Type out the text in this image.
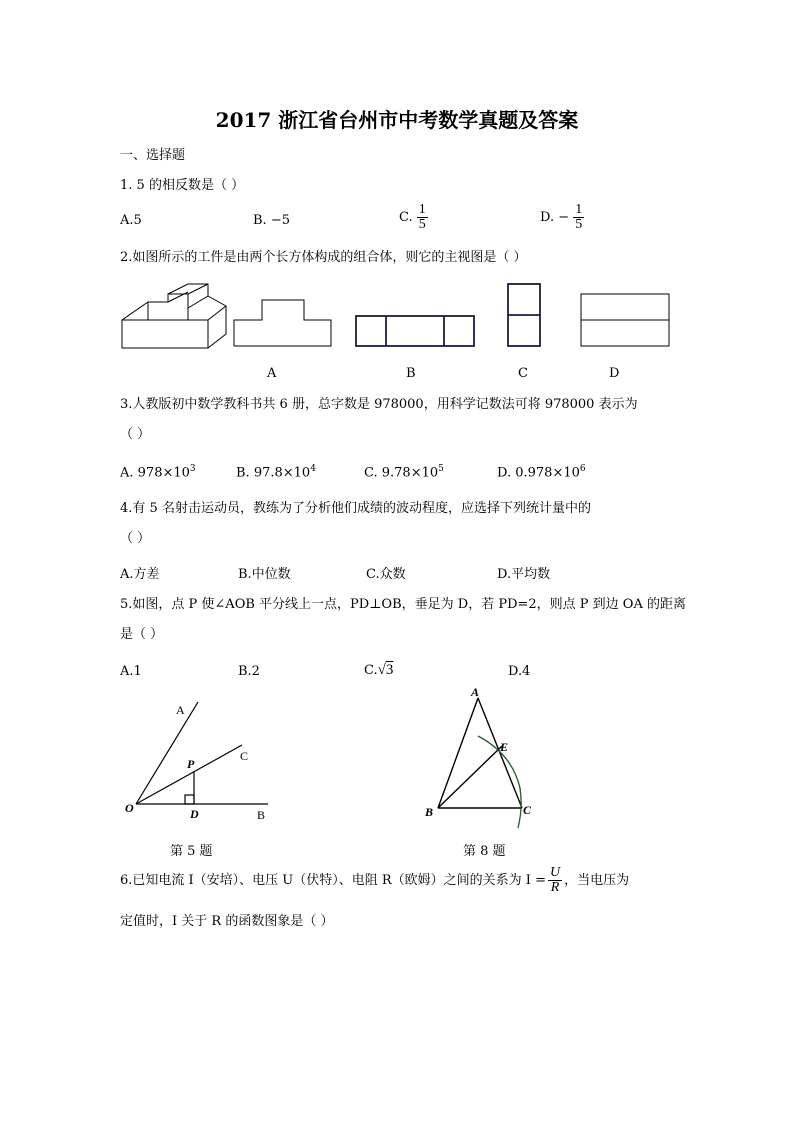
2017 浙江省台州市中考数学真题及答案
一、选择题
1. 5 的相反数是（ ）
A.5	B. −5	C. $\frac{1}{5}$	D. − $\frac{1}{5}$
2.如图所示的工件是由两个长方体构成的组合体，则它的主视图是（ ）
A	B	C	D
3.人教版初中数学教科书共 6 册，总字数是 978000，用科学记数法可将 978000 表示为
（ ）
A. $978\times 10^3$	B. $97.8\times 10^4$	C. $9.78\times 10^5$	D. $0.978\times 10^6$
4.有 5 名射击运动员，教练为了分析他们成绩的波动程度，应选择下列统计量中的
（ ）
A.方差	B.中位数	C.众数	D.平均数
5.如图，点 P 使∠AOB 平分线上一点，PD⊥OB，垂足为 D，若 PD=2，则点 P 到边 OA 的距离
是（ ）
A.1	B.2	C.√3	D.4
A
C
P
O	D	B
第 5 题
A
E
B	C
第 8 题
6.已知电流 I（安培）、电压 U（伏特）、电阻 R（欧姆）之间的关系为 $I = \frac{U}{R}$ ，当电压为
定值时，I 关于 R 的函数图象是（ ）
